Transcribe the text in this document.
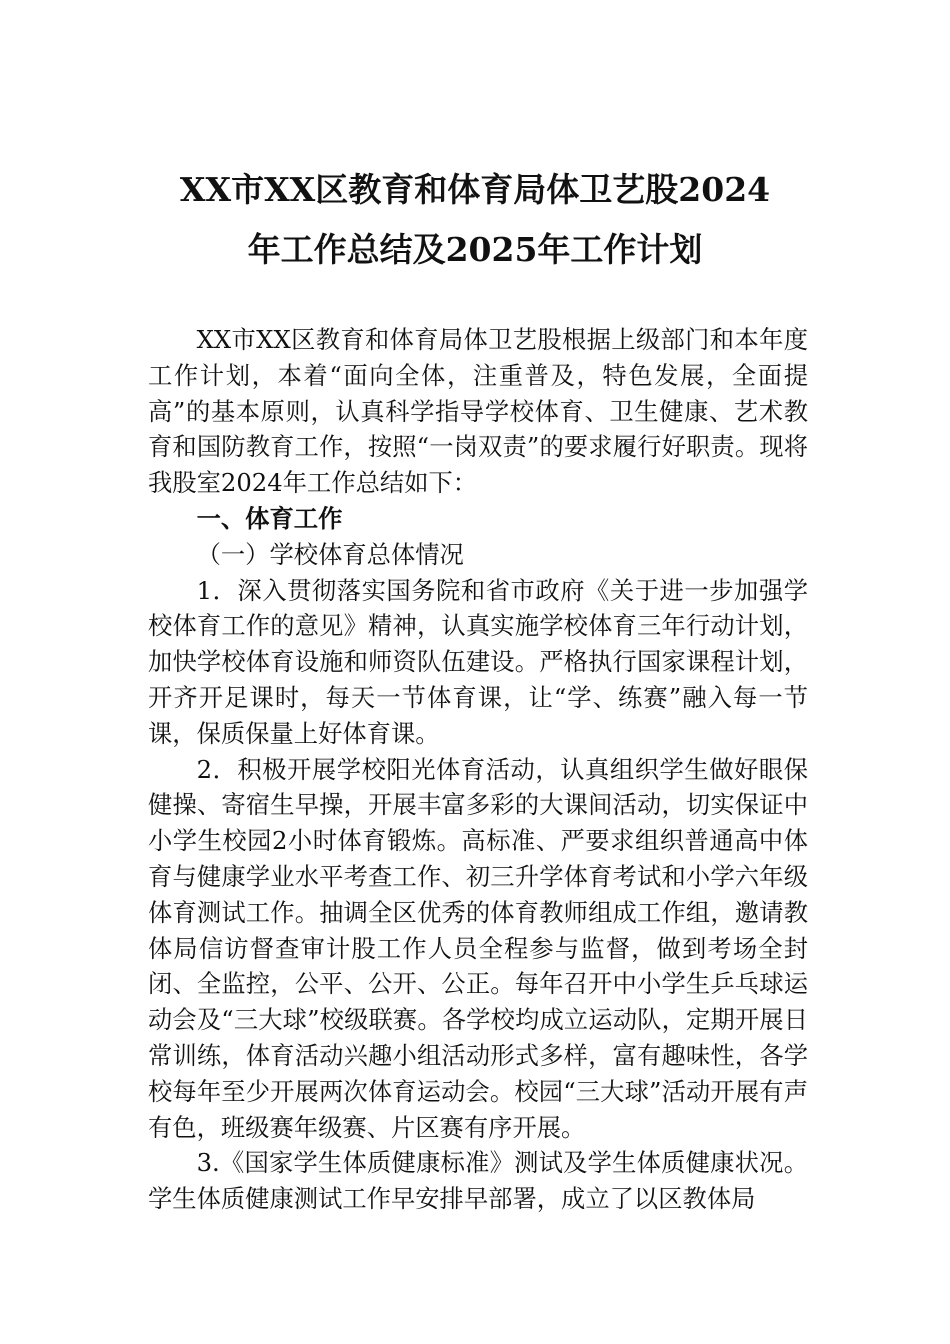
XX市XX区教育和体育局体卫艺股2024
年工作总结及2025年工作计划

XX市XX区教育和体育局体卫艺股根据上级部门和本年度工作计划，本着“面向全体，注重普及，特色发展，全面提高”的基本原则，认真科学指导学校体育、卫生健康、艺术教育和国防教育工作，按照“一岗双责”的要求履行好职责。现将我股室2024年工作总结如下：

一、体育工作

（一）学校体育总体情况

1．深入贯彻落实国务院和省市政府《关于进一步加强学校体育工作的意见》精神，认真实施学校体育三年行动计划，加快学校体育设施和师资队伍建设。严格执行国家课程计划，开齐开足课时，每天一节体育课，让“学、练赛”融入每一节课，保质保量上好体育课。

2．积极开展学校阳光体育活动，认真组织学生做好眼保健操、寄宿生早操，开展丰富多彩的大课间活动，切实保证中小学生校园2小时体育锻炼。高标准、严要求组织普通高中体育与健康学业水平考查工作、初三升学体育考试和小学六年级体育测试工作。抽调全区优秀的体育教师组成工作组，邀请教体局信访督查审计股工作人员全程参与监督，做到考场全封闭、全监控，公平、公开、公正。每年召开中小学生乒乓球运动会及“三大球”校级联赛。各学校均成立运动队，定期开展日常训练，体育活动兴趣小组活动形式多样，富有趣味性，各学校每年至少开展两次体育运动会。校园“三大球”活动开展有声有色，班级赛年级赛、片区赛有序开展。

3.《国家学生体质健康标准》测试及学生体质健康状况。学生体质健康测试工作早安排早部署，成立了以区教体局
